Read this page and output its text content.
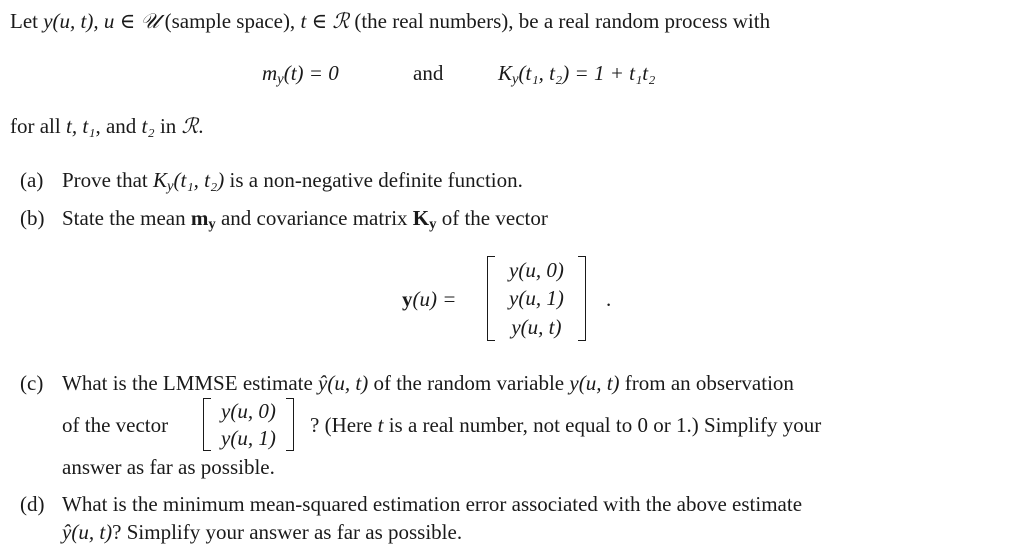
Let y(u, t), u ∈ 𝒰 (sample space), t ∈ ℛ (the real numbers), be a real random process with
$m_y(t) = 0$	and	$K_y(t_1$, t₂) = 1 + t₁t₂
for all t, t₁, and t₂ in ℛ.
(a) Prove that $K_y(t_1$, t₂) is a non-negative definite function.
(b) State the mean $m_y$ and covariance matrix $K_y$ of the vector
y(u) =
y(u, 0)
y(u, 1)
y(u, t)
.
(c) What is the LMMSE estimate ŷ(u, t) of the random variable y(u, t) from an observation
of the vector
y(u, 0)
y(u, 1)
? (Here t is a real number, not equal to 0 or 1.) Simplify your
answer as far as possible.
(d) What is the minimum mean-squared estimation error associated with the above estimate
ŷ(u, t)? Simplify your answer as far as possible.
